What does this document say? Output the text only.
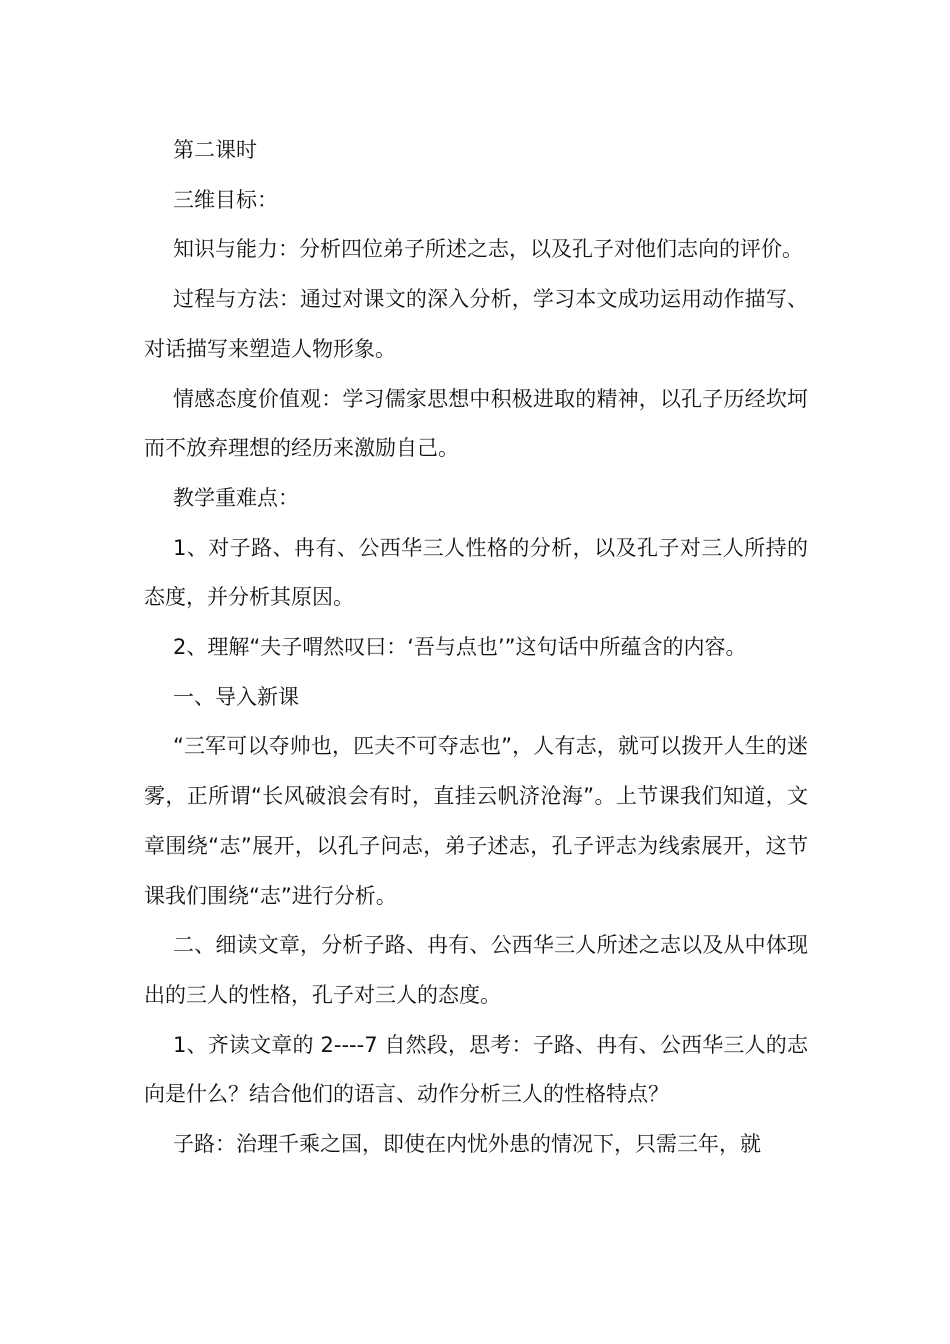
第二课时

三维目标：

知识与能力：分析四位弟子所述之志，以及孔子对他们志向的评价。

过程与方法：通过对课文的深入分析，学习本文成功运用动作描写、对话描写来塑造人物形象。

情感态度价值观：学习儒家思想中积极进取的精神，以孔子历经坎坷而不放弃理想的经历来激励自己。

教学重难点：

1、对子路、冉有、公西华三人性格的分析，以及孔子对三人所持的态度，并分析其原因。

2、理解“夫子喟然叹曰：‘吾与点也’”这句话中所蕴含的内容。

一、导入新课

“三军可以夺帅也，匹夫不可夺志也”，人有志，就可以拨开人生的迷雾，正所谓“长风破浪会有时，直挂云帆济沧海”。上节课我们知道，文章围绕“志”展开，以孔子问志，弟子述志，孔子评志为线索展开，这节课我们围绕“志”进行分析。

二、细读文章，分析子路、冉有、公西华三人所述之志以及从中体现出的三人的性格，孔子对三人的态度。

1、齐读文章的 2----7 自然段，思考：子路、冉有、公西华三人的志向是什么？结合他们的语言、动作分析三人的性格特点？

子路：治理千乘之国，即使在内忧外患的情况下，只需三年，就
